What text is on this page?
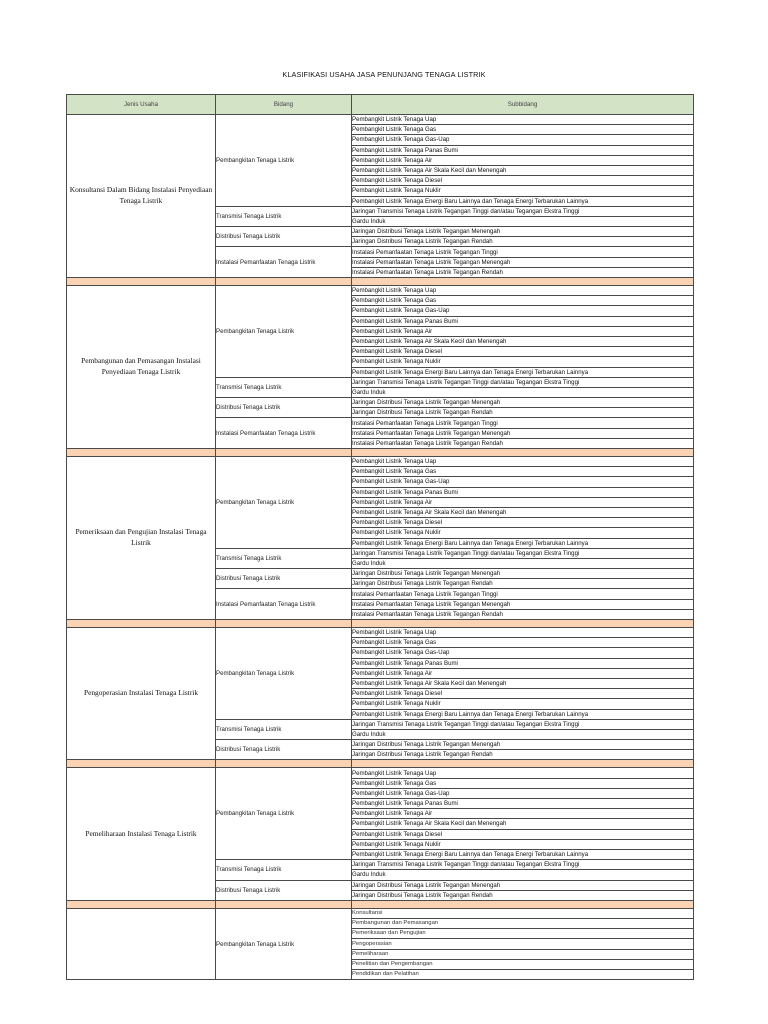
KLASIFIKASI USAHA JASA PENUNJANG TENAGA LISTRIK
Jenis Usaha	Bidang	Subbidang
Konsultansi Dalam Bidang Instalasi Penyediaan Tenaga Listrik	Pembangkitan Tenaga Listrik	Pembangkit Listrik Tenaga Uap
		Pembangkit Listrik Tenaga Gas
		Pembangkit Listrik Tenaga Gas-Uap
		Pembangkit Listrik Tenaga Panas Bumi
		Pembangkit Listrik Tenaga Air
		Pembangkit Listrik Tenaga Air Skala Kecil dan Menengah
		Pembangkit Listrik Tenaga Diesel
		Pembangkit Listrik Tenaga Nuklir
		Pembangkit Listrik Tenaga Energi Baru Lainnya dan Tenaga Energi Terbarukan Lainnya
	Transmisi Tenaga Listrik	Jaringan Transmisi Tenaga Listrik Tegangan Tinggi dan/atau Tegangan Ekstra Tinggi
		Gardu Induk
	Distribusi Tenaga Listrik	Jaringan Distribusi Tenaga Listrik Tegangan Menengah
		Jaringan Distribusi Tenaga Listrik Tegangan Rendah
	Instalasi Pemanfaatan Tenaga Listrik	Instalasi Pemanfaatan Tenaga Listrik Tegangan Tinggi
		Instalasi Pemanfaatan Tenaga Listrik Tegangan Menengah
		Instalasi Pemanfaatan Tenaga Listrik Tegangan Rendah

Pembangunan dan Pemasangan Instalasi Penyediaan Tenaga Listrik	Pembangkitan Tenaga Listrik	Pembangkit Listrik Tenaga Uap
		Pembangkit Listrik Tenaga Gas
		Pembangkit Listrik Tenaga Gas-Uap
		Pembangkit Listrik Tenaga Panas Bumi
		Pembangkit Listrik Tenaga Air
		Pembangkit Listrik Tenaga Air Skala Kecil dan Menengah
		Pembangkit Listrik Tenaga Diesel
		Pembangkit Listrik Tenaga Nuklir
		Pembangkit Listrik Tenaga Energi Baru Lainnya dan Tenaga Energi Terbarukan Lainnya
	Transmisi Tenaga Listrik	Jaringan Transmisi Tenaga Listrik Tegangan Tinggi dan/atau Tegangan Ekstra Tinggi
		Gardu Induk
	Distribusi Tenaga Listrik	Jaringan Distribusi Tenaga Listrik Tegangan Menengah
		Jaringan Distribusi Tenaga Listrik Tegangan Rendah
	Instalasi Pemanfaatan Tenaga Listrik	Instalasi Pemanfaatan Tenaga Listrik Tegangan Tinggi
		Instalasi Pemanfaatan Tenaga Listrik Tegangan Menengah
		Instalasi Pemanfaatan Tenaga Listrik Tegangan Rendah

Pemeriksaan dan Pengujian Instalasi Tenaga Listrik	Pembangkitan Tenaga Listrik	Pembangkit Listrik Tenaga Uap
		Pembangkit Listrik Tenaga Gas
		Pembangkit Listrik Tenaga Gas-Uap
		Pembangkit Listrik Tenaga Panas Bumi
		Pembangkit Listrik Tenaga Air
		Pembangkit Listrik Tenaga Air Skala Kecil dan Menengah
		Pembangkit Listrik Tenaga Diesel
		Pembangkit Listrik Tenaga Nuklir
		Pembangkit Listrik Tenaga Energi Baru Lainnya dan Tenaga Energi Terbarukan Lainnya
	Transmisi Tenaga Listrik	Jaringan Transmisi Tenaga Listrik Tegangan Tinggi dan/atau Tegangan Ekstra Tinggi
		Gardu Induk
	Distribusi Tenaga Listrik	Jaringan Distribusi Tenaga Listrik Tegangan Menengah
		Jaringan Distribusi Tenaga Listrik Tegangan Rendah
	Instalasi Pemanfaatan Tenaga Listrik	Instalasi Pemanfaatan Tenaga Listrik Tegangan Tinggi
		Instalasi Pemanfaatan Tenaga Listrik Tegangan Menengah
		Instalasi Pemanfaatan Tenaga Listrik Tegangan Rendah

Pengoperasian Instalasi Tenaga Listrik	Pembangkitan Tenaga Listrik	Pembangkit Listrik Tenaga Uap
		Pembangkit Listrik Tenaga Gas
		Pembangkit Listrik Tenaga Gas-Uap
		Pembangkit Listrik Tenaga Panas Bumi
		Pembangkit Listrik Tenaga Air
		Pembangkit Listrik Tenaga Air Skala Kecil dan Menengah
		Pembangkit Listrik Tenaga Diesel
		Pembangkit Listrik Tenaga Nuklir
		Pembangkit Listrik Tenaga Energi Baru Lainnya dan Tenaga Energi Terbarukan Lainnya
	Transmisi Tenaga Listrik	Jaringan Transmisi Tenaga Listrik Tegangan Tinggi dan/atau Tegangan Ekstra Tinggi
		Gardu Induk
	Distribusi Tenaga Listrik	Jaringan Distribusi Tenaga Listrik Tegangan Menengah
		Jaringan Distribusi Tenaga Listrik Tegangan Rendah

Pemeliharaan Instalasi Tenaga Listrik	Pembangkitan Tenaga Listrik	Pembangkit Listrik Tenaga Uap
		Pembangkit Listrik Tenaga Gas
		Pembangkit Listrik Tenaga Gas-Uap
		Pembangkit Listrik Tenaga Panas Bumi
		Pembangkit Listrik Tenaga Air
		Pembangkit Listrik Tenaga Air Skala Kecil dan Menengah
		Pembangkit Listrik Tenaga Diesel
		Pembangkit Listrik Tenaga Nuklir
		Pembangkit Listrik Tenaga Energi Baru Lainnya dan Tenaga Energi Terbarukan Lainnya
	Transmisi Tenaga Listrik	Jaringan Transmisi Tenaga Listrik Tegangan Tinggi dan/atau Tegangan Ekstra Tinggi
		Gardu Induk
	Distribusi Tenaga Listrik	Jaringan Distribusi Tenaga Listrik Tegangan Menengah
		Jaringan Distribusi Tenaga Listrik Tegangan Rendah

	Pembangkitan Tenaga Listrik	Konsultansi
		Pembangunan dan Pemasangan
		Pemeriksaan dan Pengujian
		Pengoperasian
		Pemeliharaan
		Penelitian dan Pengembangan
		Pendidikan dan Pelatihan
